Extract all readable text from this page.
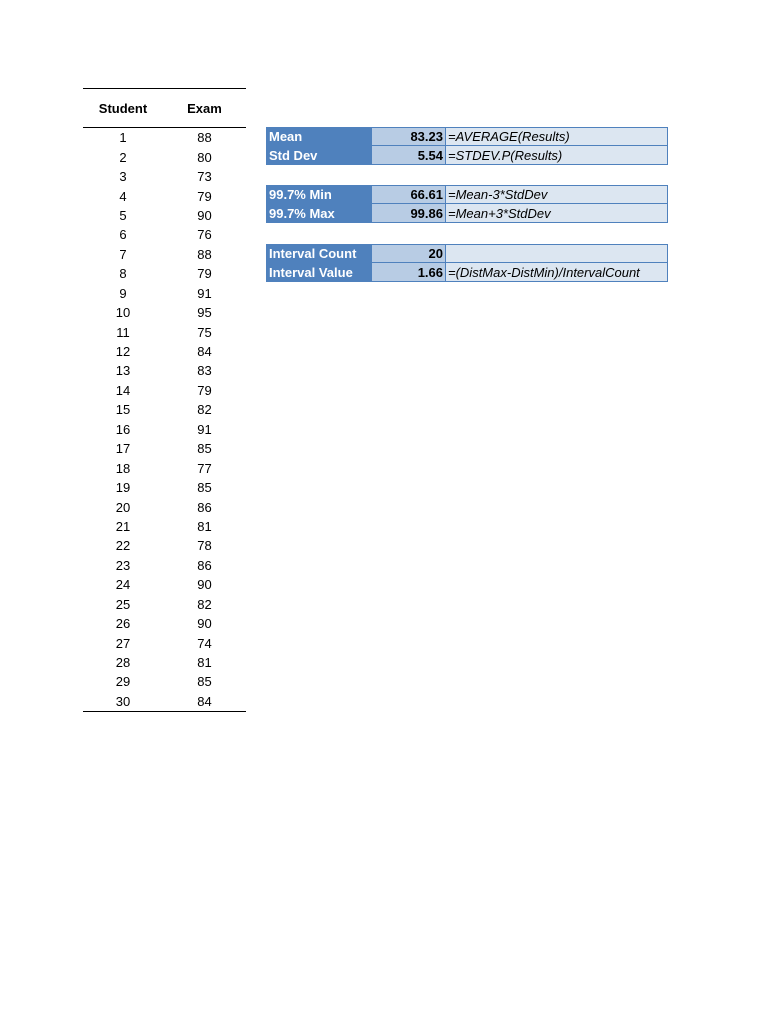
Student	Exam
1	88
2	80
3	73
4	79
5	90
6	76
7	88
8	79
9	91
10	95
11	75
12	84
13	83
14	79
15	82
16	91
17	85
18	77
19	85
20	86
21	81
22	78
23	86
24	90
25	82
26	90
27	74
28	81
29	85
30	84
Mean	83.23 =AVERAGE(Results)
Std Dev	5.54 =STDEV.P(Results)
99.7% Min	66.61 =Mean-3*StdDev
99.7% Max	99.86 =Mean+3*StdDev
Interval Count	20
Interval Value	1.66 =(DistMax-DistMin)/IntervalCount
